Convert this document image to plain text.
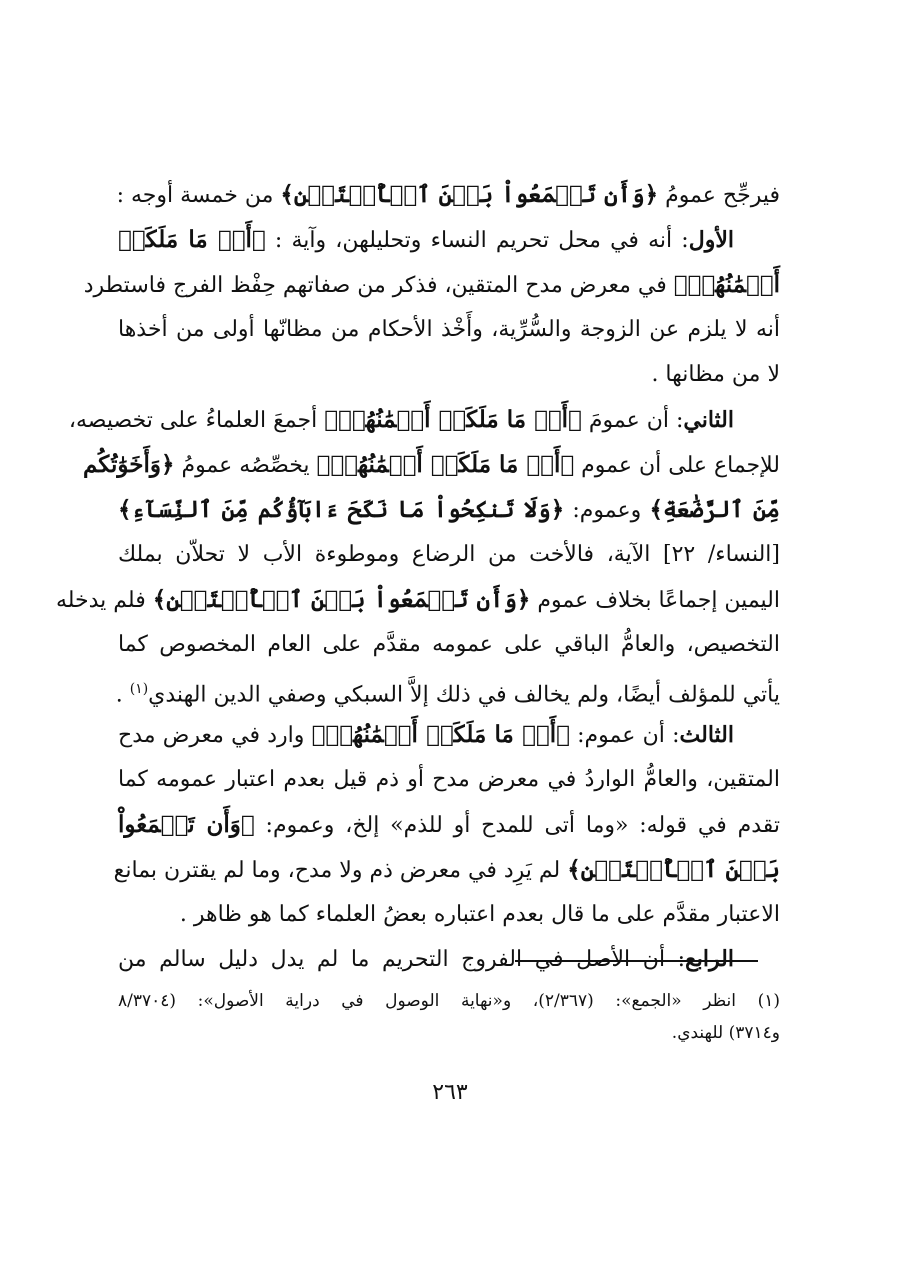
فيرجِّح عمومُ ﴿وَأَن تَجۡمَعُواْ بَيۡنَ ٱلۡأُخۡتَيۡنِ﴾ من خمسة أوجه :
الأول: أنه في محل تحريم النساء وتحليلهن، وآية : ﴿أَوۡ مَا مَلَكَتۡ
أَيۡمَٰنُهُمۡ﴾ في معرض مدح المتقين، فذكر من صفاتهم حِفْظ الفرج فاستطرد
أنه لا يلزم عن الزوجة والسُّرِّية، وأَخْذ الأحكام من مظانّها أولى من أخذها
لا من مظانها .
الثاني: أن عمومَ ﴿أَوۡ مَا مَلَكَتۡ أَيۡمَٰنُهُمۡ﴾ أجمعَ العلماءُ على تخصيصه،
للإجماع على أن عموم ﴿أَوۡ مَا مَلَكَتۡ أَيۡمَٰنُهُمۡ﴾ يخصِّصُه عمومُ ﴿وَأَخَوَٰتُكُم
مِّنَ ٱلرَّضَٰعَةِ﴾ وعموم: ﴿وَلَا تَنكِحُواْ مَا نَكَحَ ءَابَآؤُكُم مِّنَ ٱلنِّسَآءِ﴾
[النساء/ ٢٢] الآية، فالأخت من الرضاع وموطوءة الأب لا تحلاّن بملك
اليمين إجماعًا بخلاف عموم ﴿وَأَن تَجۡمَعُواْ بَيۡنَ ٱلۡأُخۡتَيۡنِ﴾ فلم يدخله
التخصيص، والعامُّ الباقي على عمومه مقدَّم على العام المخصوص كما
يأتي للمؤلف أيضًا، ولم يخالف في ذلك إلاَّ السبكي وصفي الدين الهندي$^{(١)}$ .
الثالث: أن عموم: ﴿أَوۡ مَا مَلَكَتۡ أَيۡمَٰنُهُمۡ﴾ وارد في معرض مدح
المتقين، والعامُّ الواردُ في معرض مدح أو ذم قيل بعدم اعتبار عمومه كما
تقدم في قوله: «وما أتى للمدح أو للذم» إلخ، وعموم: ﴿وَأَن تَجۡمَعُواْ
بَيۡنَ ٱلۡأُخۡتَيۡنِ﴾ لم يَرِد في معرض ذم ولا مدح، وما لم يقترن بمانع
الاعتبار مقدَّم على ما قال بعدم اعتباره بعضُ العلماء كما هو ظاهر .
الرابع: أن الأصل في الفروج التحريم ما لم يدل دليل سالم من
(١) انظر «الجمع»: (٢/٣٦٧)، و«نهاية الوصول في دراية الأصول»: (٨/٣٧٠٤
و٣٧١٤) للهندي.
٢٦٣
